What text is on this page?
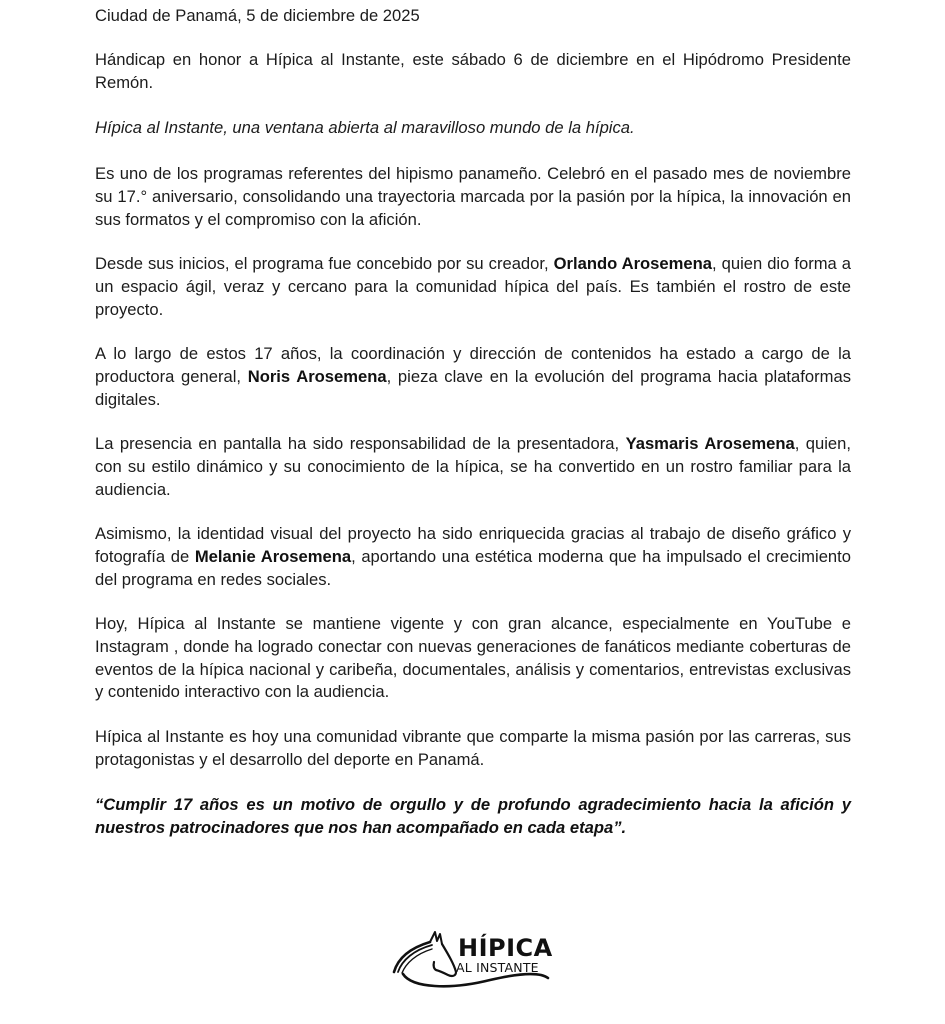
Ciudad de Panamá, 5 de diciembre de 2025

Hándicap en honor a Hípica al Instante, este sábado 6 de diciembre en el Hipódromo Presidente Remón.

Hípica al Instante, una ventana abierta al maravilloso mundo de la hípica.

Es uno de los programas referentes del hipismo panameño. Celebró en el pasado mes de noviembre su 17.° aniversario, consolidando una trayectoria marcada por la pasión por la hípica, la innovación en sus formatos y el compromiso con la afición.

Desde sus inicios, el programa fue concebido por su creador, Orlando Arosemena, quien dio forma a un espacio ágil, veraz y cercano para la comunidad hípica del país. Es también el rostro de este proyecto.

A lo largo de estos 17 años, la coordinación y dirección de contenidos ha estado a cargo de la productora general, Noris Arosemena, pieza clave en la evolución del programa hacia plataformas digitales.

La presencia en pantalla ha sido responsabilidad de la presentadora, Yasmaris Arosemena, quien, con su estilo dinámico y su conocimiento de la hípica, se ha convertido en un rostro familiar para la audiencia.

Asimismo, la identidad visual del proyecto ha sido enriquecida gracias al trabajo de diseño gráfico y fotografía de Melanie Arosemena, aportando una estética moderna que ha impulsado el crecimiento del programa en redes sociales.

Hoy, Hípica al Instante se mantiene vigente y con gran alcance, especialmente en YouTube e Instagram , donde ha logrado conectar con nuevas generaciones de fanáticos mediante coberturas de eventos de la hípica nacional y caribeña, documentales, análisis y comentarios, entrevistas exclusivas y contenido interactivo con la audiencia.

Hípica al Instante es hoy una comunidad vibrante que comparte la misma pasión por las carreras, sus protagonistas y el desarrollo del deporte en Panamá.

“Cumplir 17 años es un motivo de orgullo y de profundo agradecimiento hacia la afición y nuestros patrocinadores que nos han acompañado en cada etapa”.

HÍPICA
AL INSTANTE
